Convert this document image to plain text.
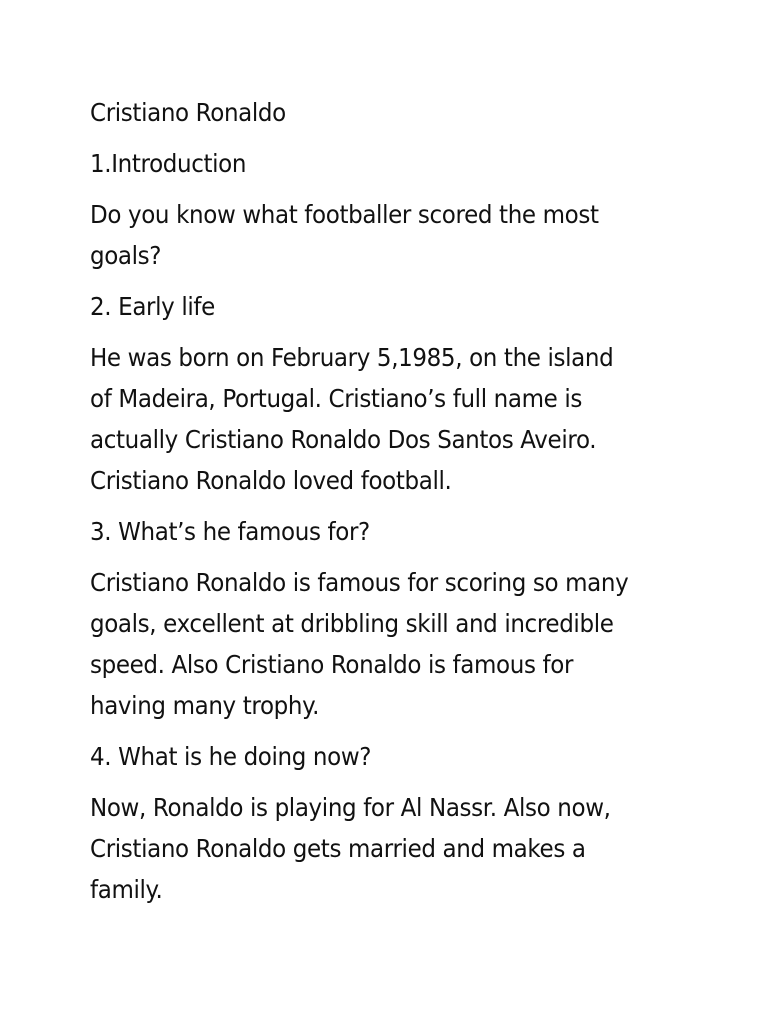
Cristiano Ronaldo

1.Introduction

Do you know what footballer scored the most
goals?

2. Early life

He was born on February 5,1985, on the island
of Madeira, Portugal. Cristiano’s full name is
actually Cristiano Ronaldo Dos Santos Aveiro.
Cristiano Ronaldo loved football.

3. What’s he famous for?

Cristiano Ronaldo is famous for scoring so many
goals, excellent at dribbling skill and incredible
speed. Also Cristiano Ronaldo is famous for
having many trophy.

4. What is he doing now?

Now, Ronaldo is playing for Al Nassr. Also now,
Cristiano Ronaldo gets married and makes a
family.
